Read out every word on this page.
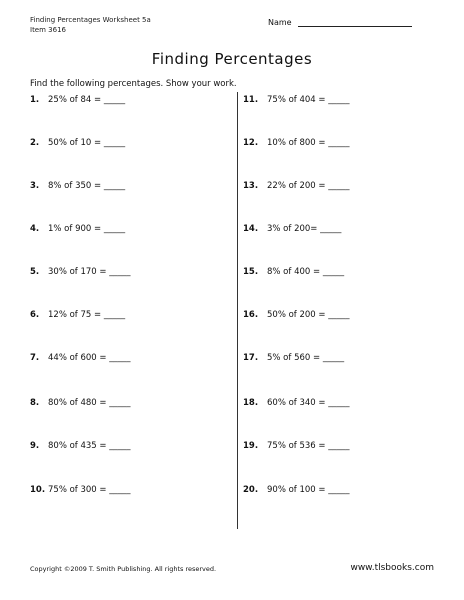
Finding Percentages Worksheet 5a
Item 3616
Name
Finding Percentages
Find the following percentages. Show your work.
1. 25% of 84 = _____
2. 50% of 10 = _____
3. 8% of 350 = _____
4. 1% of 900 = _____
5. 30% of 170 = _____
6. 12% of 75 = _____
7. 44% of 600 = _____
8. 80% of 480 = _____
9. 80% of 435 = _____
10. 75% of 300 = _____
11. 75% of 404 = _____
12. 10% of 800 = _____
13. 22% of 200 = _____
14. 3% of 200= _____
15. 8% of 400 = _____
16. 50% of 200 = _____
17. 5% of 560 = _____
18. 60% of 340 = _____
19. 75% of 536 = _____
20. 90% of 100 = _____
Copyright ©2009 T. Smith Publishing. All rights reserved.	www.tlsbooks.com
